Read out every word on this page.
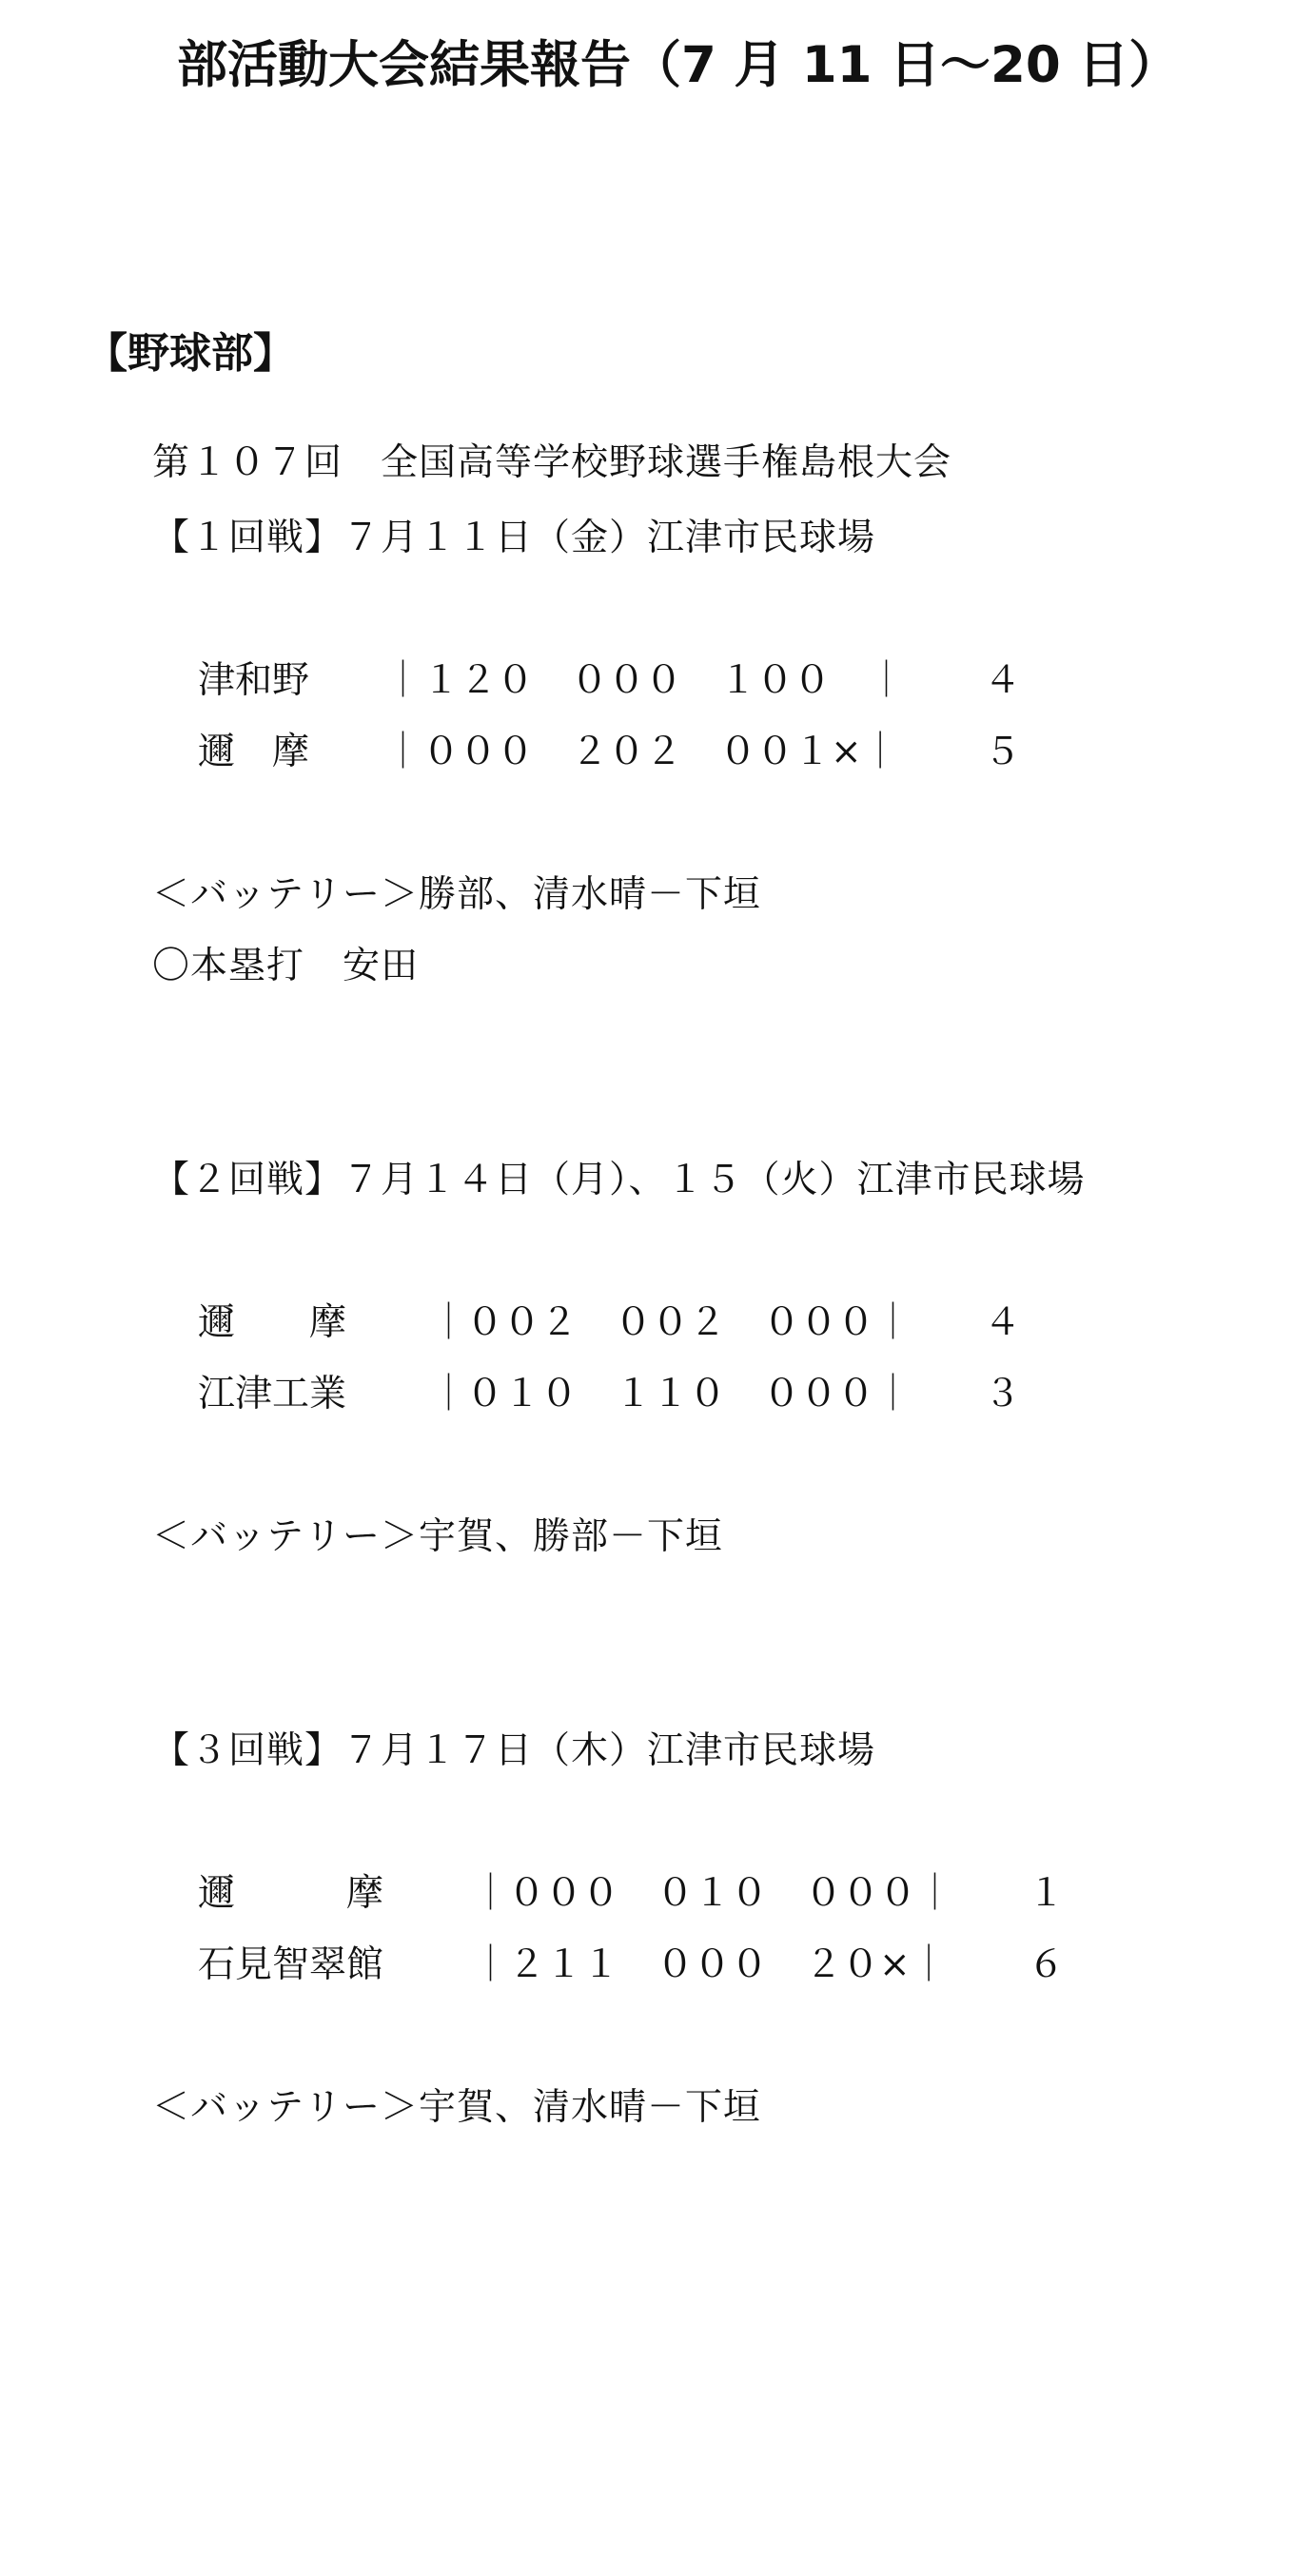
部活動大会結果報告（7 月 11 日〜20 日）
【野球部】
第１０７回　全国高等学校野球選手権島根大会
【１回戦】７月１１日（金）江津市民球場

津和野

｜

１２０　０００　１００　｜

４

邇　摩

｜

０００　２０２　００１×｜

５

＜バッテリー＞勝部、清水晴－下垣
〇本塁打　安田
【２回戦】７月１４日（月）、１５（火）江津市民球場

邇　　摩

｜

００２　００２　０００｜

４

江津工業

｜

０１０　１１０　０００｜

３

＜バッテリー＞宇賀、勝部－下垣
【３回戦】７月１７日（木）江津市民球場

邇　　　摩

｜

０００　０１０　０００｜

１

石見智翠館

｜

２１１　０００　２０×｜

６

＜バッテリー＞宇賀、清水晴－下垣
